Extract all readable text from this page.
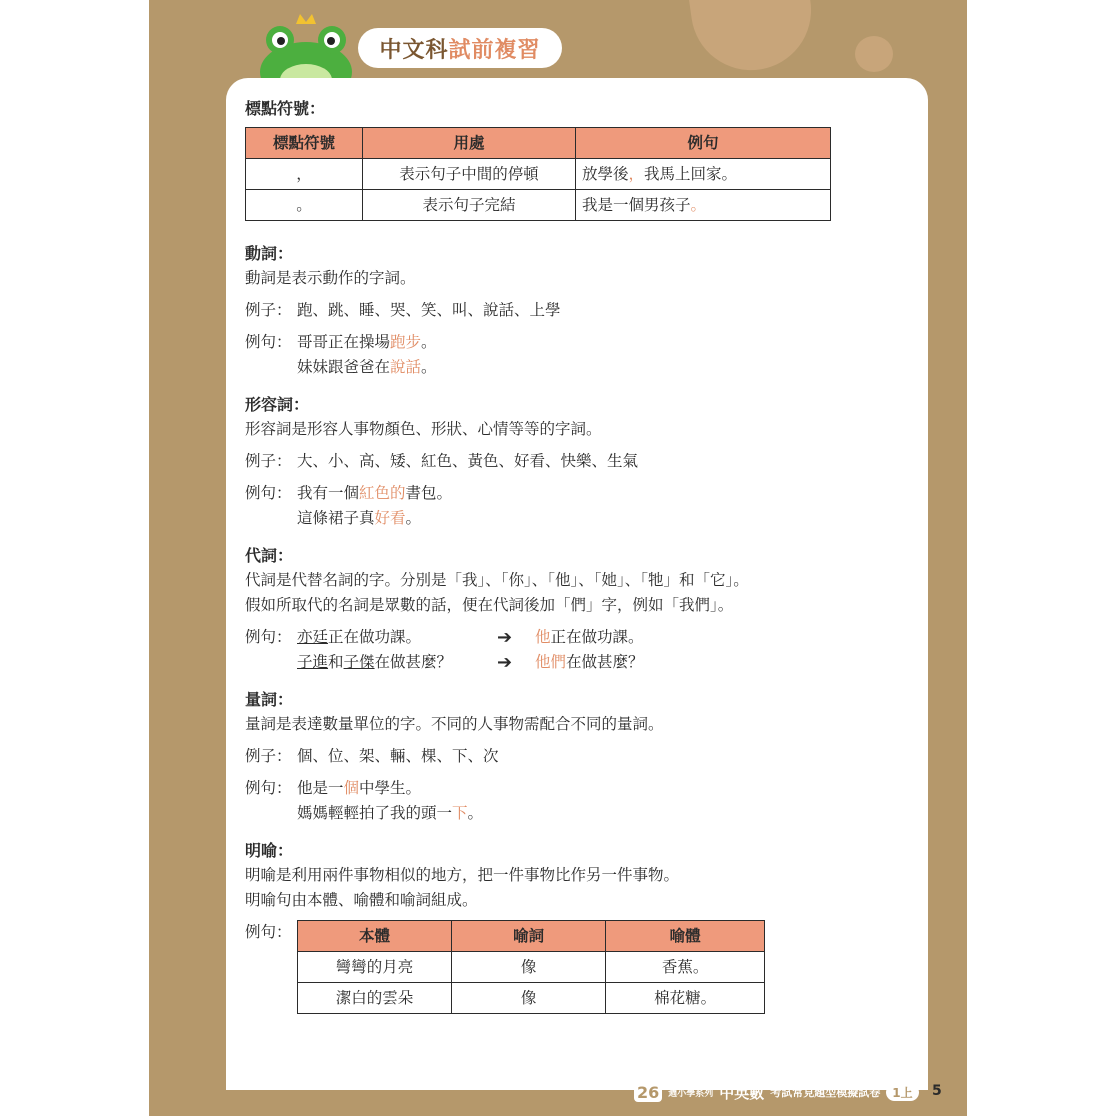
中文科 試前複習
標點符號：
標點符號	用處	例句
，	表示句子中間的停頓	放學後，我馬上回家。
。	表示句子完結	我是一個男孩子。
動詞：

動詞是表示動作的字詞。

例子： 跑、跳、睡、哭、笑、叫、說話、上學
例句： 哥哥正在操場跑步。
妹妹跟爸爸在說話。
形容詞：

形容詞是形容人事物顏色、形狀、心情等等的字詞。

例子： 大、小、高、矮、紅色、黃色、好看、快樂、生氣
例句： 我有一個紅色的書包。
這條裙子真好看。
代詞：

代詞是代替名詞的字。分別是「我」、「你」、「他」、「她」、「牠」和「它」。

假如所取代的名詞是眾數的話，便在代詞後加「們」字，例如「我們」。

例句： 亦廷正在做功課。	➔	他正在做功課。
子進和子傑在做甚麼？	➔	他們在做甚麼？
量詞：

量詞是表達數量單位的字。不同的人事物需配合不同的量詞。

例子： 個、位、架、輛、棵、下、次
例句： 他是一個中學生。
媽媽輕輕拍了我的頭一下。
明喻：

明喻是利用兩件事物相似的地方，把一件事物比作另一件事物。

明喻句由本體、喻體和喻詞組成。

例句：	本體	喻詞	喻體
彎彎的月亮	像	香蕉。
潔白的雲朵	像	棉花糖。
26	週小學系列 中英數 考試常見題型模擬試卷	1上	5
